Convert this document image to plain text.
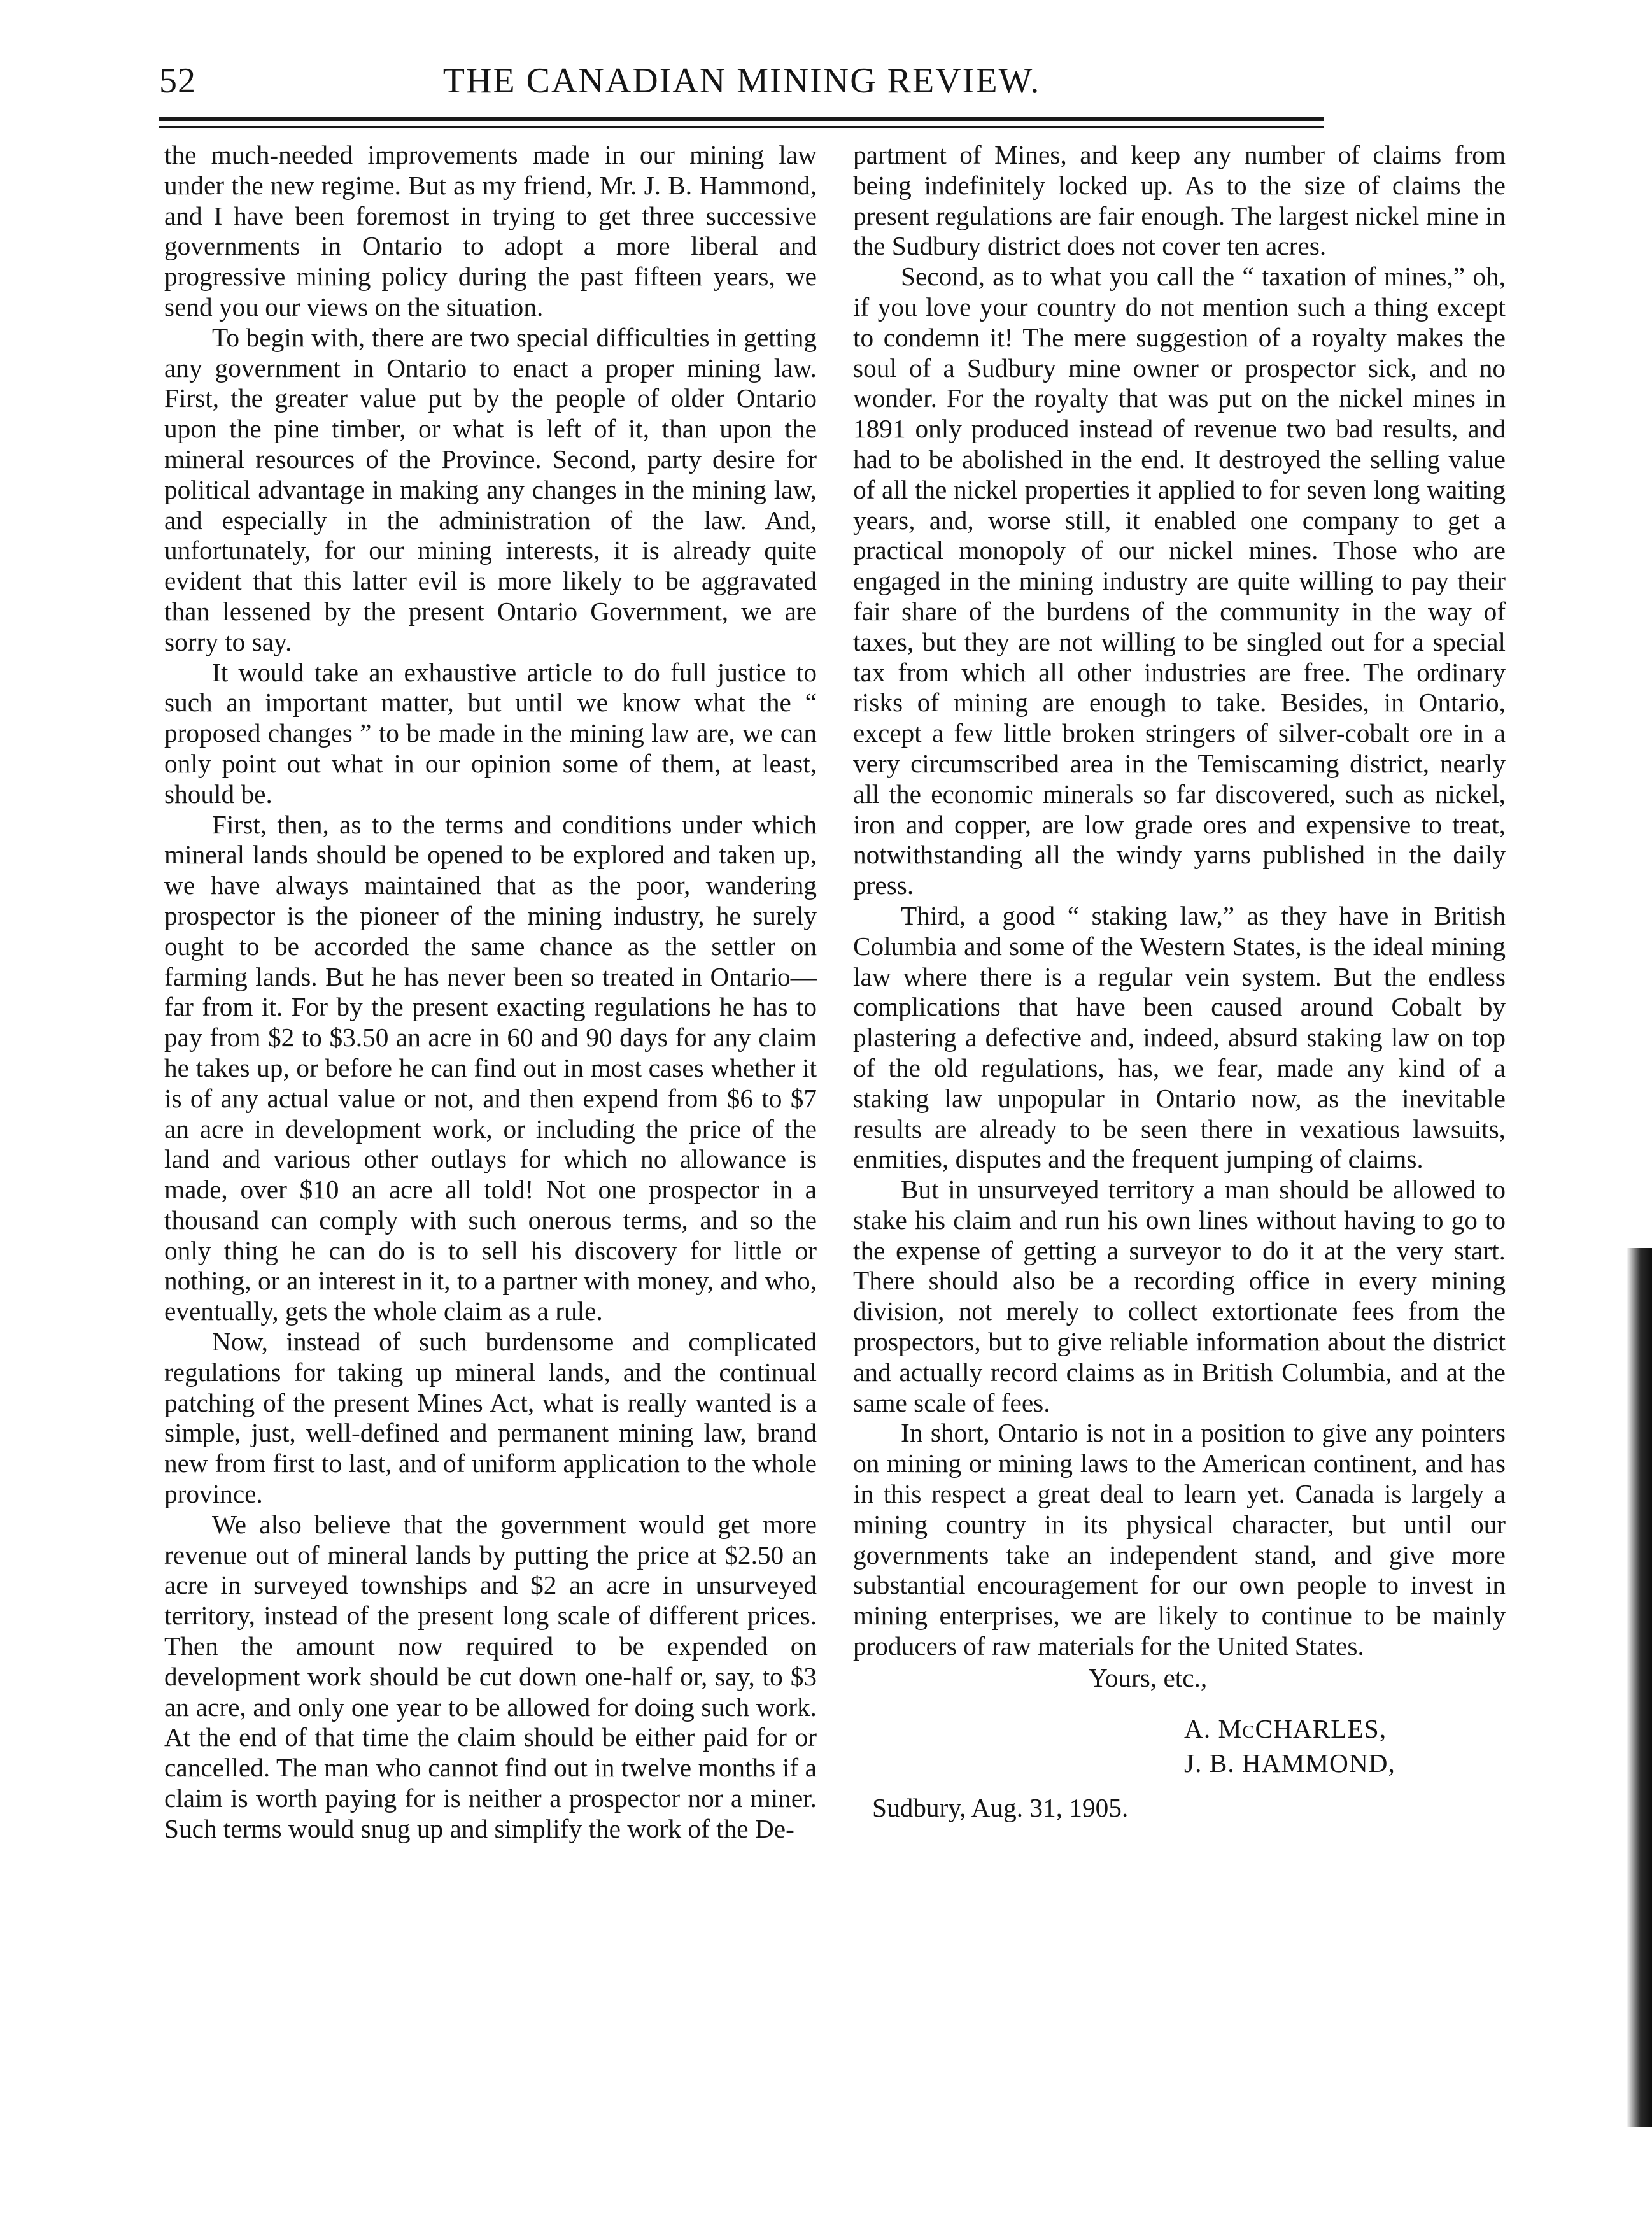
52	THE CANADIAN MINING REVIEW.

the much-needed improvements made in our mining law under the new regime. But as my friend, Mr. J. B. Hammond, and I have been foremost in trying to get three successive governments in Ontario to adopt a more liberal and progressive mining policy during the past fifteen years, we send you our views on the situation.

To begin with, there are two special difficulties in getting any government in Ontario to enact a proper mining law. First, the greater value put by the people of older Ontario upon the pine timber, or what is left of it, than upon the mineral resources of the Province. Second, party desire for political advantage in making any changes in the mining law, and especially in the administration of the law. And, unfortunately, for our mining interests, it is already quite evident that this latter evil is more likely to be aggravated than lessened by the present Ontario Government, we are sorry to say.

It would take an exhaustive article to do full justice to such an important matter, but until we know what the “ proposed changes ” to be made in the mining law are, we can only point out what in our opinion some of them, at least, should be.

First, then, as to the terms and conditions under which mineral lands should be opened to be explored and taken up, we have always maintained that as the poor, wandering prospector is the pioneer of the mining industry, he surely ought to be accorded the same chance as the settler on farming lands. But he has never been so treated in Ontario—far from it. For by the present exacting regulations he has to pay from $2 to $3.50 an acre in 60 and 90 days for any claim he takes up, or before he can find out in most cases whether it is of any actual value or not, and then expend from $6 to $7 an acre in development work, or including the price of the land and various other outlays for which no allowance is made, over $10 an acre all told! Not one prospector in a thousand can comply with such onerous terms, and so the only thing he can do is to sell his discovery for little or nothing, or an interest in it, to a partner with money, and who, eventually, gets the whole claim as a rule.

Now, instead of such burdensome and complicated regulations for taking up mineral lands, and the continual patching of the present Mines Act, what is really wanted is a simple, just, well-defined and permanent mining law, brand new from first to last, and of uniform application to the whole province.

We also believe that the government would get more revenue out of mineral lands by putting the price at $2.50 an acre in surveyed townships and $2 an acre in unsurveyed territory, instead of the present long scale of different prices. Then the amount now required to be expended on development work should be cut down one-half or, say, to $3 an acre, and only one year to be allowed for doing such work. At the end of that time the claim should be either paid for or cancelled. The man who cannot find out in twelve months if a claim is worth paying for is neither a prospector nor a miner. Such terms would snug up and simplify the work of the De-

partment of Mines, and keep any number of claims from being indefinitely locked up. As to the size of claims the present regulations are fair enough. The largest nickel mine in the Sudbury district does not cover ten acres.

Second, as to what you call the “ taxation of mines,” oh, if you love your country do not mention such a thing except to condemn it! The mere suggestion of a royalty makes the soul of a Sudbury mine owner or prospector sick, and no wonder. For the royalty that was put on the nickel mines in 1891 only produced instead of revenue two bad results, and had to be abolished in the end. It destroyed the selling value of all the nickel properties it applied to for seven long waiting years, and, worse still, it enabled one company to get a practical monopoly of our nickel mines. Those who are engaged in the mining industry are quite willing to pay their fair share of the burdens of the community in the way of taxes, but they are not willing to be singled out for a special tax from which all other industries are free. The ordinary risks of mining are enough to take. Besides, in Ontario, except a few little broken stringers of silver-cobalt ore in a very circumscribed area in the Temiscaming district, nearly all the economic minerals so far discovered, such as nickel, iron and copper, are low grade ores and expensive to treat, notwithstanding all the windy yarns published in the daily press.

Third, a good “ staking law,” as they have in British Columbia and some of the Western States, is the ideal mining law where there is a regular vein system. But the endless complications that have been caused around Cobalt by plastering a defective and, indeed, absurd staking law on top of the old regulations, has, we fear, made any kind of a staking law unpopular in Ontario now, as the inevitable results are already to be seen there in vexatious lawsuits, enmities, disputes and the frequent jumping of claims.

But in unsurveyed territory a man should be allowed to stake his claim and run his own lines without having to go to the expense of getting a surveyor to do it at the very start. There should also be a recording office in every mining division, not merely to collect extortionate fees from the prospectors, but to give reliable information about the district and actually record claims as in British Columbia, and at the same scale of fees.

In short, Ontario is not in a position to give any pointers on mining or mining laws to the American continent, and has in this respect a great deal to learn yet. Canada is largely a mining country in its physical character, but until our governments take an independent stand, and give more substantial encouragement for our own people to invest in mining enterprises, we are likely to continue to be mainly producers of raw materials for the United States.

Yours, etc.,
A. McCHARLES,
J. B. HAMMOND,
Sudbury, Aug. 31, 1905.
